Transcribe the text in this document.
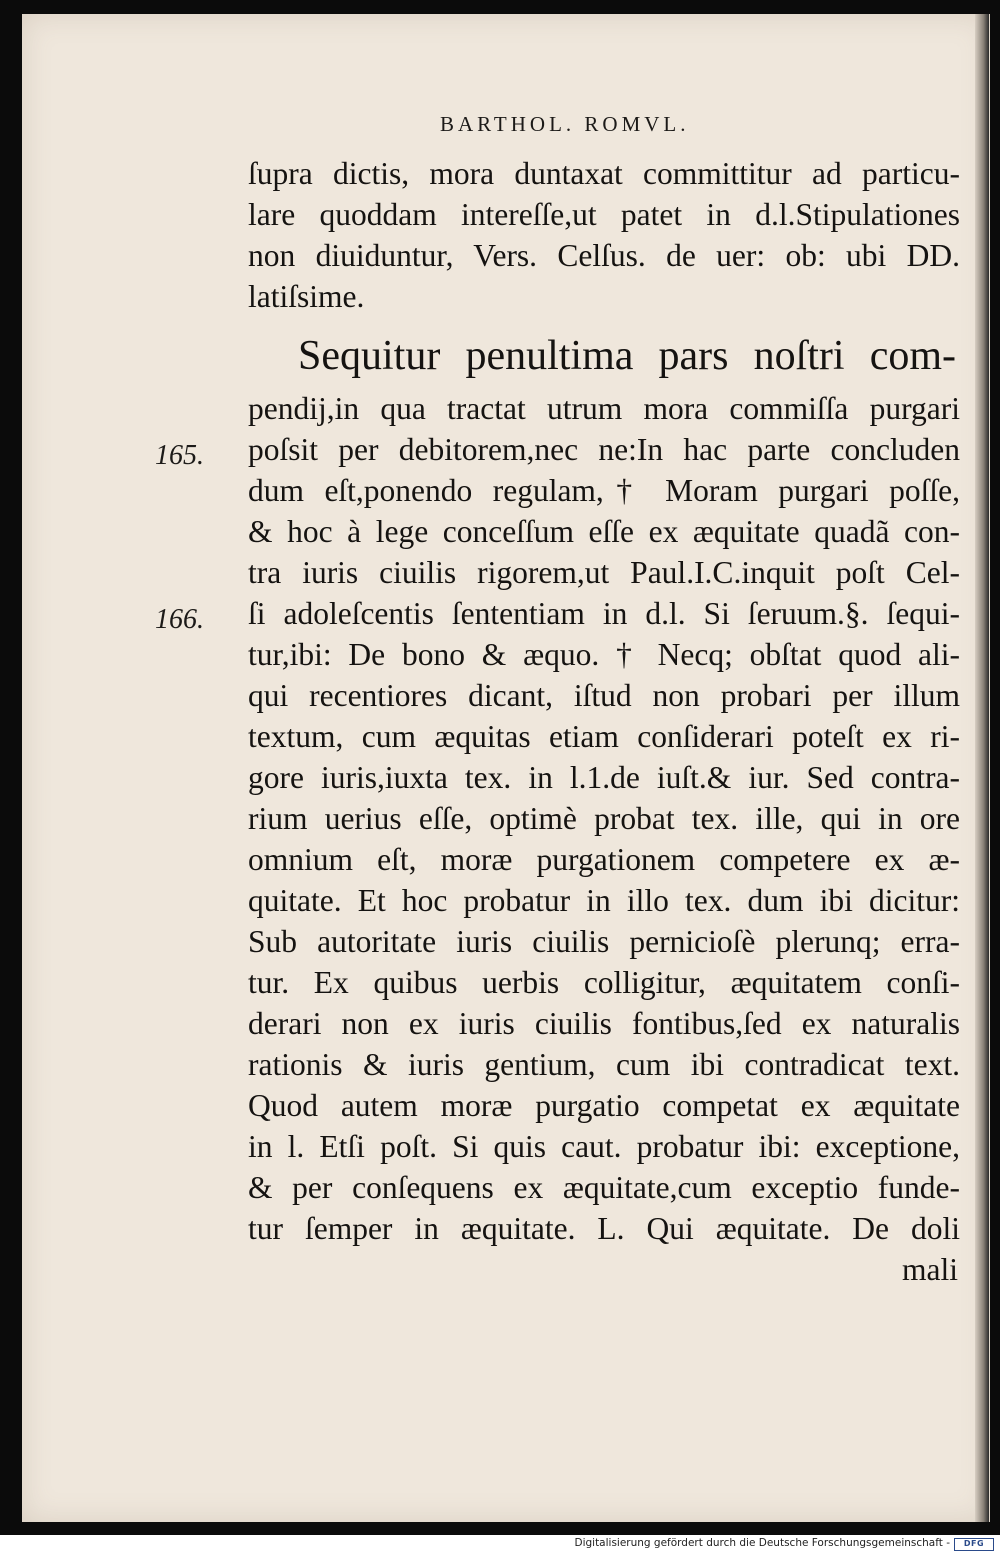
BARTHOL. ROMVL.
ſupra dictis, mora duntaxat committitur ad particu-
lare quoddam intereſſe,ut patet in d.l.Stipulationes
non diuiduntur, Vers. Celſus. de uer: ob: ubi DD.
latiſsime.
Sequitur penultima pars noſtri com-
pendij,in qua tractat utrum mora commiſſa purgari
poſsit per debitorem,nec ne:In hac parte concluden
dum eſt,ponendo regulam,† Moram purgari poſſe,
& hoc à lege conceſſum eſſe ex æquitate quadã con-
tra iuris ciuilis rigorem,ut Paul.I.C.inquit poſt Cel-
ſi adoleſcentis ſententiam in d.l. Si ſeruum.§. ſequi-
tur,ibi: De bono & æquo. † Necq; obſtat quod ali-
qui recentiores dicant, iſtud non probari per illum
textum, cum æquitas etiam conſiderari poteſt ex ri-
gore iuris,iuxta tex. in l.1.de iuſt.& iur. Sed contra-
rium uerius eſſe, optimè probat tex. ille, qui in ore
omnium eſt, moræ purgationem competere ex æ-
quitate. Et hoc probatur in illo tex. dum ibi dicitur:
Sub autoritate iuris ciuilis pernicioſè plerunq; erra-
tur. Ex quibus uerbis colligitur, æquitatem conſi-
derari non ex iuris ciuilis fontibus,ſed ex naturalis
rationis & iuris gentium, cum ibi contradicat text.
Quod autem moræ purgatio competat ex æquitate
in l. Etſi poſt. Si quis caut. probatur ibi: exceptione,
& per conſequens ex æquitate,cum exceptio funde-
tur ſemper in æquitate. L. Qui æquitate. De doli
mali
165.
166.
Digitalisierung gefördert durch die Deutsche Forschungsgemeinschaft -	DFG
